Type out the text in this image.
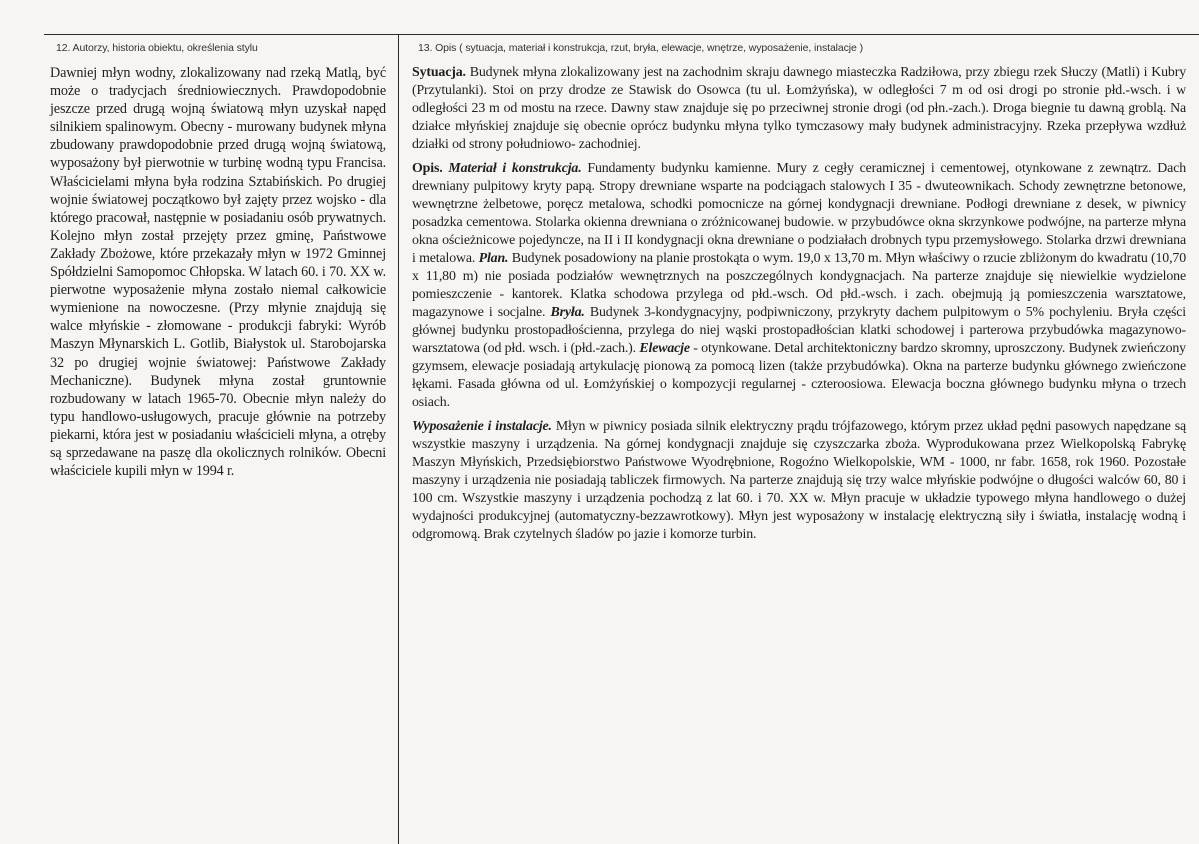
12. Autorzy, historia obiektu, określenia stylu

Dawniej młyn wodny, zlokalizowany nad rzeką Matlą, być może o tradycjach średniowiecznych. Prawdopodobnie jeszcze przed drugą wojną światową młyn uzyskał napęd silnikiem spalinowym. Obecny - murowany budynek młyna zbudowany prawdopodobnie przed drugą wojną światową, wyposażony był pierwotnie w turbinę wodną typu Francisa. Właścicielami młyna była rodzina Sztabińskich. Po drugiej wojnie światowej początkowo był zajęty przez wojsko - dla którego pracował, następnie w posiadaniu osób prywatnych. Kolejno młyn został przejęty przez gminę, Państwowe Zakłady Zbożowe, które przekazały młyn w 1972 Gminnej Spółdzielni Samopomoc Chłopska. W latach 60. i 70. XX w. pierwotne wyposażenie młyna zostało niemal całkowicie wymienione na nowoczesne. (Przy młynie znajdują się walce młyńskie - złomowane - produkcji fabryki: Wyrób Maszyn Młynarskich L. Gotlib, Białystok ul. Starobojarska 32 po drugiej wojnie światowej: Państwowe Zakłady Mechaniczne). Budynek młyna został gruntownie rozbudowany w latach 1965-70. Obecnie młyn należy do typu handlowo-usługowych, pracuje głównie na potrzeby piekarni, która jest w posiadaniu właścicieli młyna, a otręby są sprzedawane na paszę dla okolicznych rolników. Obecni właściciele kupili młyn w 1994 r.

13. Opis ( sytuacja, materiał i konstrukcja, rzut, bryła, elewacje, wnętrze, wyposażenie, instalacje )

Sytuacja. Budynek młyna zlokalizowany jest na zachodnim skraju dawnego miasteczka Radziłowa, przy zbiegu rzek Słuczy (Matli) i Kubry (Przytulanki). Stoi on przy drodze ze Stawisk do Osowca (tu ul. Łomżyńska), w odległości 7 m od osi drogi po stronie płd.-wsch. i w odległości 23 m od mostu na rzece. Dawny staw znajduje się po przeciwnej stronie drogi (od płn.-zach.). Droga biegnie tu dawną groblą. Na działce młyńskiej znajduje się obecnie oprócz budynku młyna tylko tymczasowy mały budynek administracyjny. Rzeka przepływa wzdłuż działki od strony południowo- zachodniej.

Opis. Materiał i konstrukcja. Fundamenty budynku kamienne. Mury z cegły ceramicznej i cementowej, otynkowane z zewnątrz. Dach drewniany pulpitowy kryty papą. Stropy drewniane wsparte na podciągach stalowych I 35 - dwuteownikach. Schody zewnętrzne betonowe, wewnętrzne żelbetowe, poręcz metalowa, schodki pomocnicze na górnej kondygnacji drewniane. Podłogi drewniane z desek, w piwnicy posadzka cementowa. Stolarka okienna drewniana o zróżnicowanej budowie. w przybudówce okna skrzynkowe podwójne, na parterze młyna okna ościeżnicowe pojedyncze, na II i II kondygnacji okna drewniane o podziałach drobnych typu przemysłowego. Stolarka drzwi drewniana i metalowa. Plan. Budynek posadowiony na planie prostokąta o wym. 19,0 x 13,70 m. Młyn właściwy o rzucie zbliżonym do kwadratu (10,70 x 11,80 m) nie posiada podziałów wewnętrznych na poszczególnych kondygnacjach. Na parterze znajduje się niewielkie wydzielone pomieszczenie - kantorek. Klatka schodowa przylega od płd.-wsch. Od płd.-wsch. i zach. obejmują ją pomieszczenia warsztatowe, magazynowe i socjalne. Bryła. Budynek 3-kondygnacyjny, podpiwniczony, przykryty dachem pulpitowym o 5% pochyleniu. Bryła części głównej budynku prostopadłościenna, przylega do niej wąski prostopadłościan klatki schodowej i parterowa przybudówka magazynowo-warsztatowa (od płd. wsch. i (płd.-zach.). Elewacje - otynkowane. Detal architektoniczny bardzo skromny, uproszczony. Budynek zwieńczony gzymsem, elewacje posiadają artykulację pionową za pomocą lizen (także przybudówka). Okna na parterze budynku głównego zwieńczone łękami. Fasada główna od ul. Łomżyńskiej o kompozycji regularnej - czteroosiowa. Elewacja boczna głównego budynku młyna o trzech osiach.

Wyposażenie i instalacje. Młyn w piwnicy posiada silnik elektryczny prądu trójfazowego, którym przez układ pędni pasowych napędzane są wszystkie maszyny i urządzenia. Na górnej kondygnacji znajduje się czyszczarka zboża. Wyprodukowana przez Wielkopolską Fabrykę Maszyn Młyńskich, Przedsiębiorstwo Państwowe Wyodrębnione, Rogoźno Wielkopolskie, WM - 1000, nr fabr. 1658, rok 1960. Pozostałe maszyny i urządzenia nie posiadają tabliczek firmowych. Na parterze znajdują się trzy walce młyńskie podwójne o długości walców 60, 80 i 100 cm. Wszystkie maszyny i urządzenia pochodzą z lat 60. i 70. XX w. Młyn pracuje w układzie typowego młyna handlowego o dużej wydajności produkcyjnej (automatyczny-bezzawrotkowy). Młyn jest wyposażony w instalację elektryczną siły i światła, instalację wodną i odgromową. Brak czytelnych śladów po jazie i komorze turbin.
